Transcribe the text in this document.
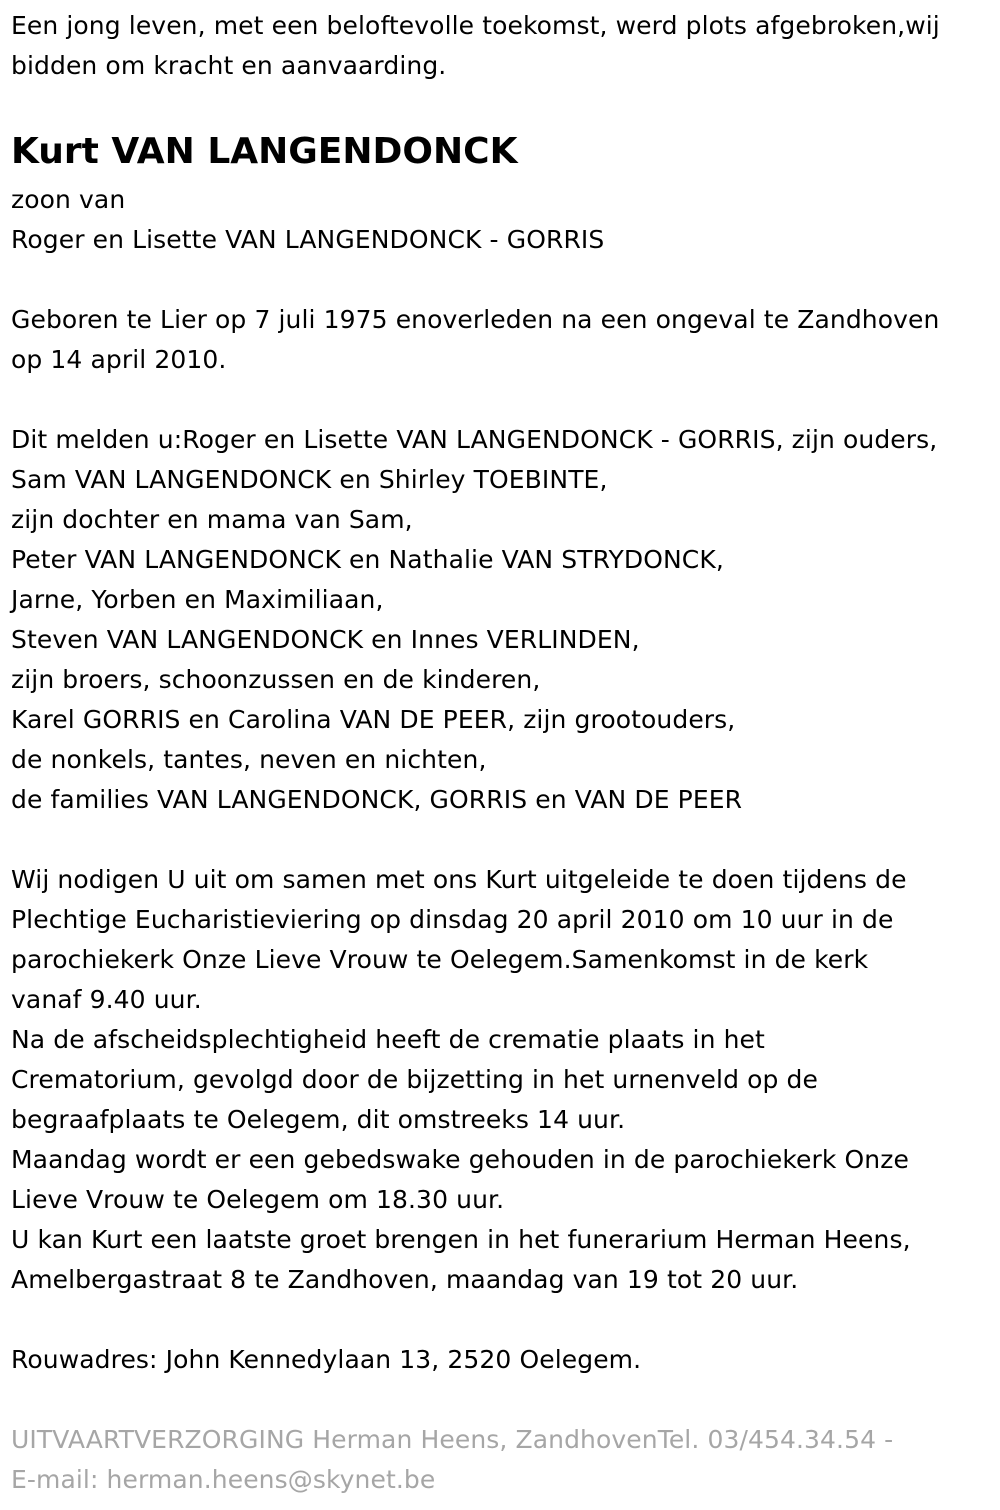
Een jong leven, met een beloftevolle toekomst, werd plots afgebroken,wij
bidden om kracht en aanvaarding.
Kurt VAN LANGENDONCK
zoon van
Roger en Lisette VAN LANGENDONCK - GORRIS
Geboren te Lier op 7 juli 1975 enoverleden na een ongeval te Zandhoven
op 14 april 2010.
Dit melden u:Roger en Lisette VAN LANGENDONCK - GORRIS, zijn ouders,
Sam VAN LANGENDONCK en Shirley TOEBINTE,
zijn dochter en mama van Sam,
Peter VAN LANGENDONCK en Nathalie VAN STRYDONCK,
Jarne, Yorben en Maximiliaan,
Steven VAN LANGENDONCK en Innes VERLINDEN,
zijn broers, schoonzussen en de kinderen,
Karel GORRIS en Carolina VAN DE PEER, zijn grootouders,
de nonkels, tantes, neven en nichten,
de families VAN LANGENDONCK, GORRIS en VAN DE PEER
Wij nodigen U uit om samen met ons Kurt uitgeleide te doen tijdens de
Plechtige Eucharistieviering op dinsdag 20 april 2010 om 10 uur in de
parochiekerk Onze Lieve Vrouw te Oelegem.Samenkomst in de kerk
vanaf 9.40 uur.
Na de afscheidsplechtigheid heeft de crematie plaats in het
Crematorium, gevolgd door de bijzetting in het urnenveld op de
begraafplaats te Oelegem, dit omstreeks 14 uur.
Maandag wordt er een gebedswake gehouden in de parochiekerk Onze
Lieve Vrouw te Oelegem om 18.30 uur.
U kan Kurt een laatste groet brengen in het funerarium Herman Heens,
Amelbergastraat 8 te Zandhoven, maandag van 19 tot 20 uur.
Rouwadres: John Kennedylaan 13, 2520 Oelegem.
UITVAARTVERZORGING Herman Heens, ZandhovenTel. 03/454.34.54 -
E-mail: herman.heens@skynet.be
